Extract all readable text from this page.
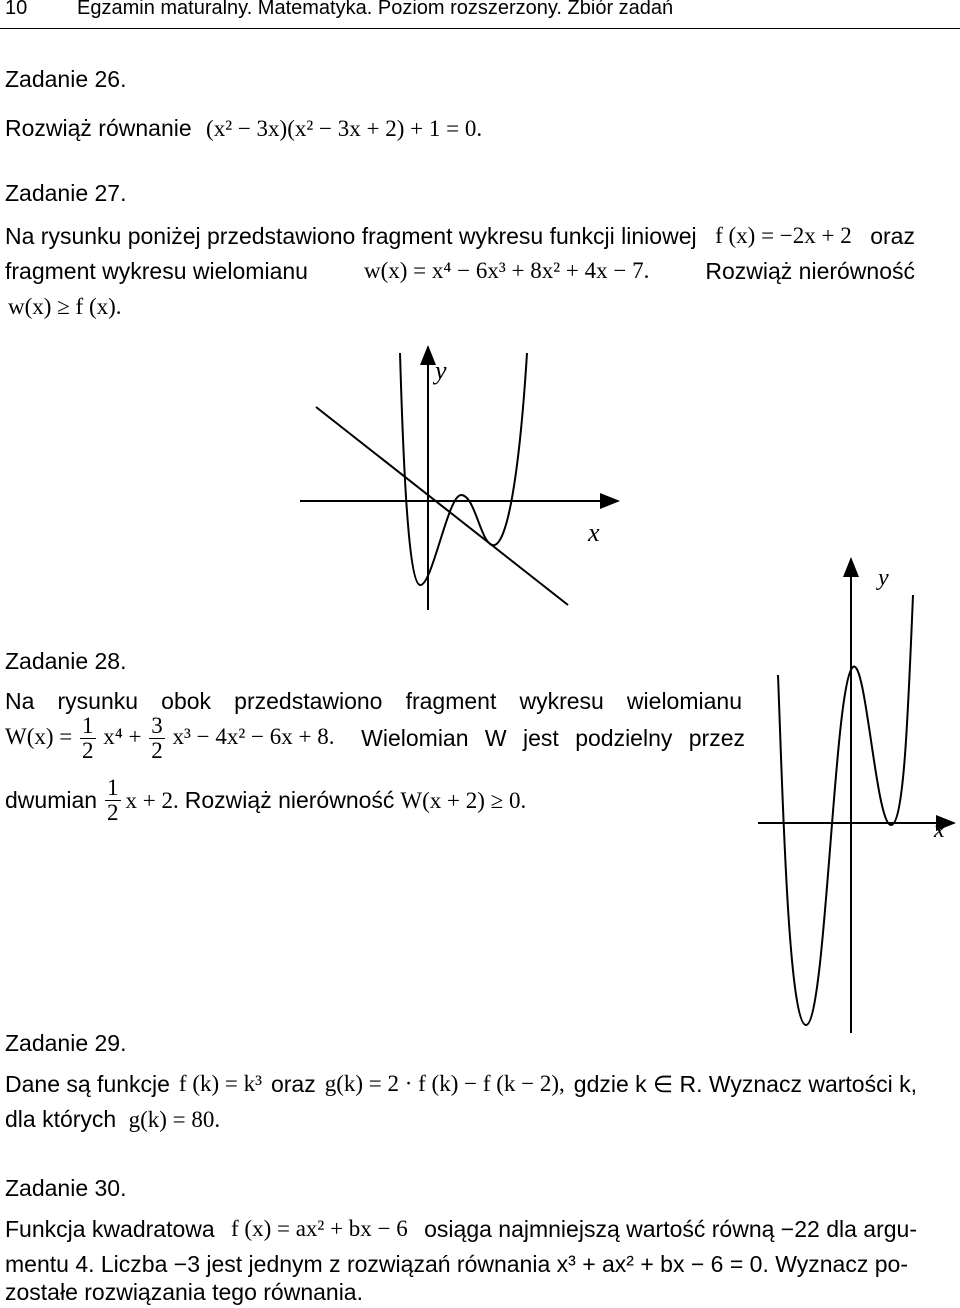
10 Egzamin maturalny. Matematyka. Poziom rozszerzony. Zbiór zadań
Zadanie 26.
Rozwiąż równanie (x² − 3x)(x² − 3x + 2) + 1 = 0.
Zadanie 27.
Na rysunku poniżej przedstawiono fragment wykresu funkcji liniowej f (x) = −2x + 2 oraz
fragment wykresu wielomianu w(x) = x⁴ − 6x³ + 8x² + 4x − 7. Rozwiąż nierówność
w(x) ≥ f (x).
y
x
Zadanie 28.
Na rysunku obok przedstawiono fragment wykresu wielomianu
$W(x) = \frac{1}{2} x^4 + \frac{3}{2} x^3 - 4x^2 - 6x + 8$. Wielomian W jest podzielny przez
dwumian $\frac{1}{2}$ x + 2. Rozwiąż nierówność W(x + 2) ≥ 0.
y
x
Zadanie 29.
Dane są funkcje f (k) = k³ oraz g(k) = 2 · f (k) − f (k − 2), gdzie k ∈ R. Wyznacz wartości k,
dla których g(k) = 80.
Zadanie 30.
Funkcja kwadratowa f (x) = ax² + bx − 6 osiąga najmniejszą wartość równą −22 dla argu-
mentu 4. Liczba −3 jest jednym z rozwiązań równania x³ + ax² + bx − 6 = 0. Wyznacz po-
zostałe rozwiązania tego równania.
